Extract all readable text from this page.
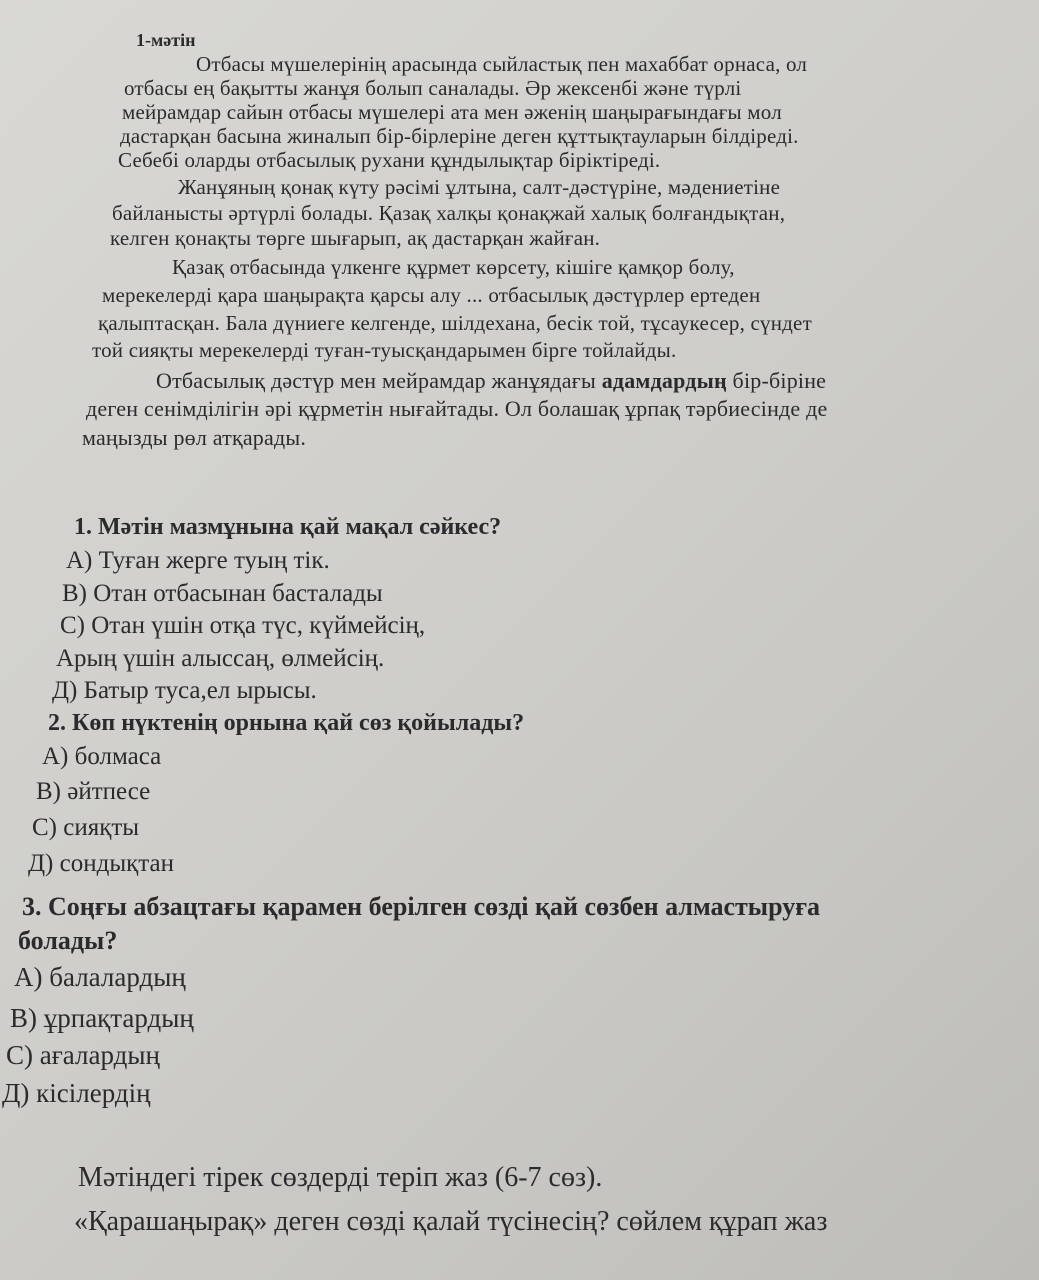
1-мәтін
Отбасы мүшелерінің арасында сыйластық пен махаббат орнаса, ол
отбасы ең бақытты жанұя болып саналады. Әр жексенбі және түрлі
мейрамдар сайын отбасы мүшелері ата мен әженің шаңырағындағы мол
дастарқан басына жиналып бір-бірлеріне деген құттықтауларын білдіреді.
Себебі оларды отбасылық рухани құндылықтар біріктіреді.
Жанұяның қонақ күту рәсімі ұлтына, салт-дәстүріне, мәдениетіне
байланысты әртүрлі болады. Қазақ халқы қонақжай халық болғандықтан,
келген қонақты төрге шығарып, ақ дастарқан жайған.
Қазақ отбасында үлкенге құрмет көрсету, кішіге қамқор болу,
мерекелерді қара шаңырақта қарсы алу ... отбасылық дәстүрлер ертеден
қалыптасқан. Бала дүниеге келгенде, шілдехана, бесік той, тұсаукесер, сүндет
той сияқты мерекелерді туған-туысқандарымен бірге тойлайды.
Отбасылық дәстүр мен мейрамдар жанұядағы адамдардың бір-біріне
деген сенімділігін әрі құрметін нығайтады. Ол болашақ ұрпақ тәрбиесінде де
маңызды рөл атқарады.
1. Мәтін мазмұнына қай мақал сәйкес?
А) Туған жерге туың тік.
В) Отан отбасынан басталады
С) Отан үшін отқа түс, күймейсің,
Арың үшін алыссаң, өлмейсің.
Д) Батыр туса,ел ырысы.
2. Көп нүктенің орнына қай сөз қойылады?
А) болмаса
В) әйтпесе
С) сияқты
Д) сондықтан
3. Соңғы абзацтағы қарамен берілген сөзді қай сөзбен алмастыруға
болады?
А) балалардың
В) ұрпақтардың
С) ағалардың
Д) кісілердің
Мәтіндегі тірек сөздерді теріп жаз (6-7 сөз).
«Қарашаңырақ» деген сөзді қалай түсінесің? сөйлем құрап жаз
